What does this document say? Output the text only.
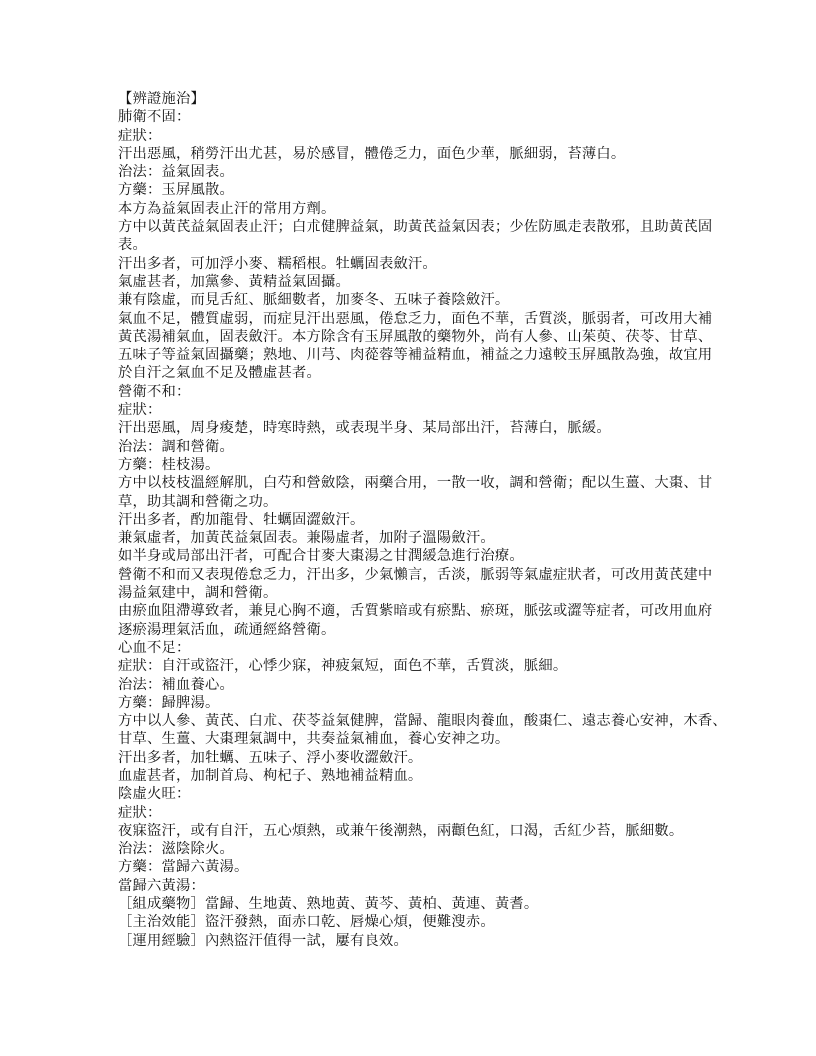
【辨證施治】
肺衛不固：
症狀：
汗出惡風，稍勞汗出尤甚，易於感冒，體倦乏力，面色少華，脈細弱，苔薄白。
治法：益氣固表。
方藥：玉屏風散。
本方為益氣固表止汗的常用方劑。
方中以黃芪益氣固表止汗；白朮健脾益氣，助黃芪益氣因表；少佐防風走表散邪，且助黃芪固
表。
汗出多者，可加浮小麥、糯稻根。牡蠣固表斂汗。
氣虛甚者，加黨參、黃精益氣固攝。
兼有陰虛，而見舌紅、脈細數者，加麥冬、五味子養陰斂汗。
氣血不足，體質虛弱，而症見汗出惡風，倦怠乏力，面色不華，舌質淡，脈弱者，可改用大補
黃芪湯補氣血，固表斂汗。本方除含有玉屏風散的藥物外，尚有人參、山茱萸、茯苓、甘草、
五味子等益氣固攝藥；熟地、川芎、肉蓯蓉等補益精血，補益之力遠較玉屏風散為強，故宜用
於自汗之氣血不足及體虛甚者。
營衛不和：
症狀：
汗出惡風，周身痠楚，時寒時熱，或表現半身、某局部出汗，苔薄白，脈緩。
治法：調和營衛。
方藥：桂枝湯。
方中以枝枝溫經解肌，白芍和營斂陰，兩藥合用，一散一收，調和營衛；配以生薑、大棗、甘
草，助其調和營衛之功。
汗出多者，酌加龍骨、牡蠣固澀斂汗。
兼氣虛者，加黃芪益氣固表。兼陽虛者，加附子溫陽斂汗。
如半身或局部出汗者，可配合甘麥大棗湯之甘潤緩急進行治療。
營衛不和而又表現倦怠乏力，汗出多，少氣懶言，舌淡，脈弱等氣虛症狀者，可改用黃芪建中
湯益氣建中，調和營衛。
由瘀血阻滯導致者，兼見心胸不適，舌質紫暗或有瘀點、瘀斑，脈弦或澀等症者，可改用血府
逐瘀湯理氣活血，疏通經絡營衛。
心血不足：
症狀：自汗或盜汗，心悸少寐，神疲氣短，面色不華，舌質淡，脈細。
治法：補血養心。
方藥：歸脾湯。
方中以人參、黃芪、白朮、茯苓益氣健脾，當歸、龍眼肉養血，酸棗仁、遠志養心安神，木香、
甘草、生薑、大棗理氣調中，共奏益氣補血，養心安神之功。
汗出多者，加牡蠣、五味子、浮小麥收澀斂汗。
血虛甚者，加制首烏、枸杞子、熟地補益精血。
陰虛火旺：
症狀：
夜寐盜汗，或有自汗，五心煩熱，或兼午後潮熱，兩顴色紅，口渴，舌紅少苔，脈細數。
治法：滋陰除火。
方藥：當歸六黃湯。
當歸六黃湯：
［組成藥物］當歸、生地黃、熟地黃、黃芩、黃柏、黃連、黃耆。
［主治效能］盜汗發熱，面赤口乾、唇燥心煩，便難溲赤。
［運用經驗］內熱盜汗值得一試，屢有良效。
